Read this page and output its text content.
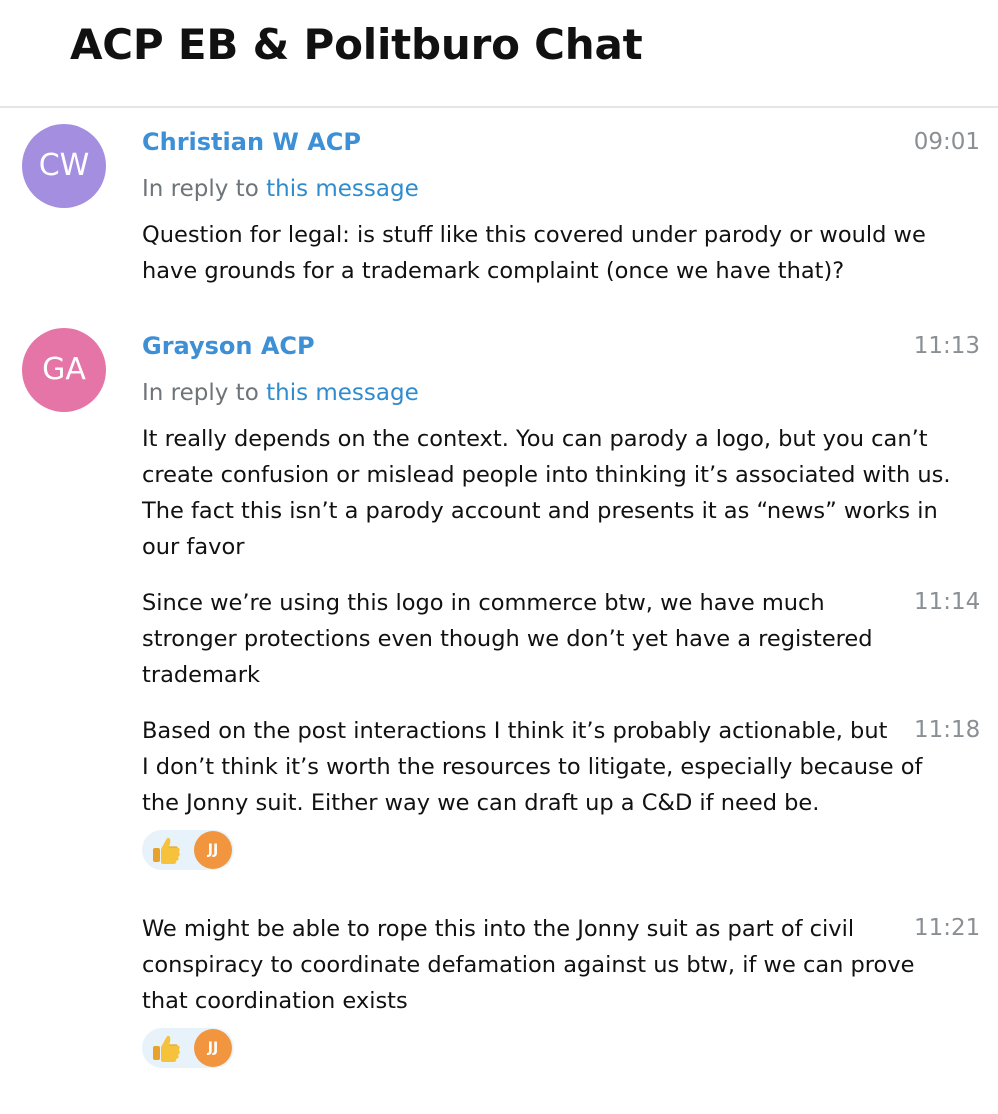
ACP EB & Politburo Chat
CW
Christian W ACP	09:01
In reply to this message
Question for legal: is stuff like this covered under parody or would we
have grounds for a trademark complaint (once we have that)?
GA
Grayson ACP	11:13
In reply to this message
It really depends on the context. You can parody a logo, but you can’t
create confusion or mislead people into thinking it’s associated with us.
The fact this isn’t a parody account and presents it as “news” works in
our favor
11:14
Since we’re using this logo in commerce btw, we have much
stronger protections even though we don’t yet have a registered
trademark
11:18
Based on the post interactions I think it’s probably actionable, but
I don’t think it’s worth the resources to litigate, especially because of
the Jonny suit. Either way we can draft up a C&D if need be.
JJ
11:21
We might be able to rope this into the Jonny suit as part of civil
conspiracy to coordinate defamation against us btw, if we can prove
that coordination exists
JJ
